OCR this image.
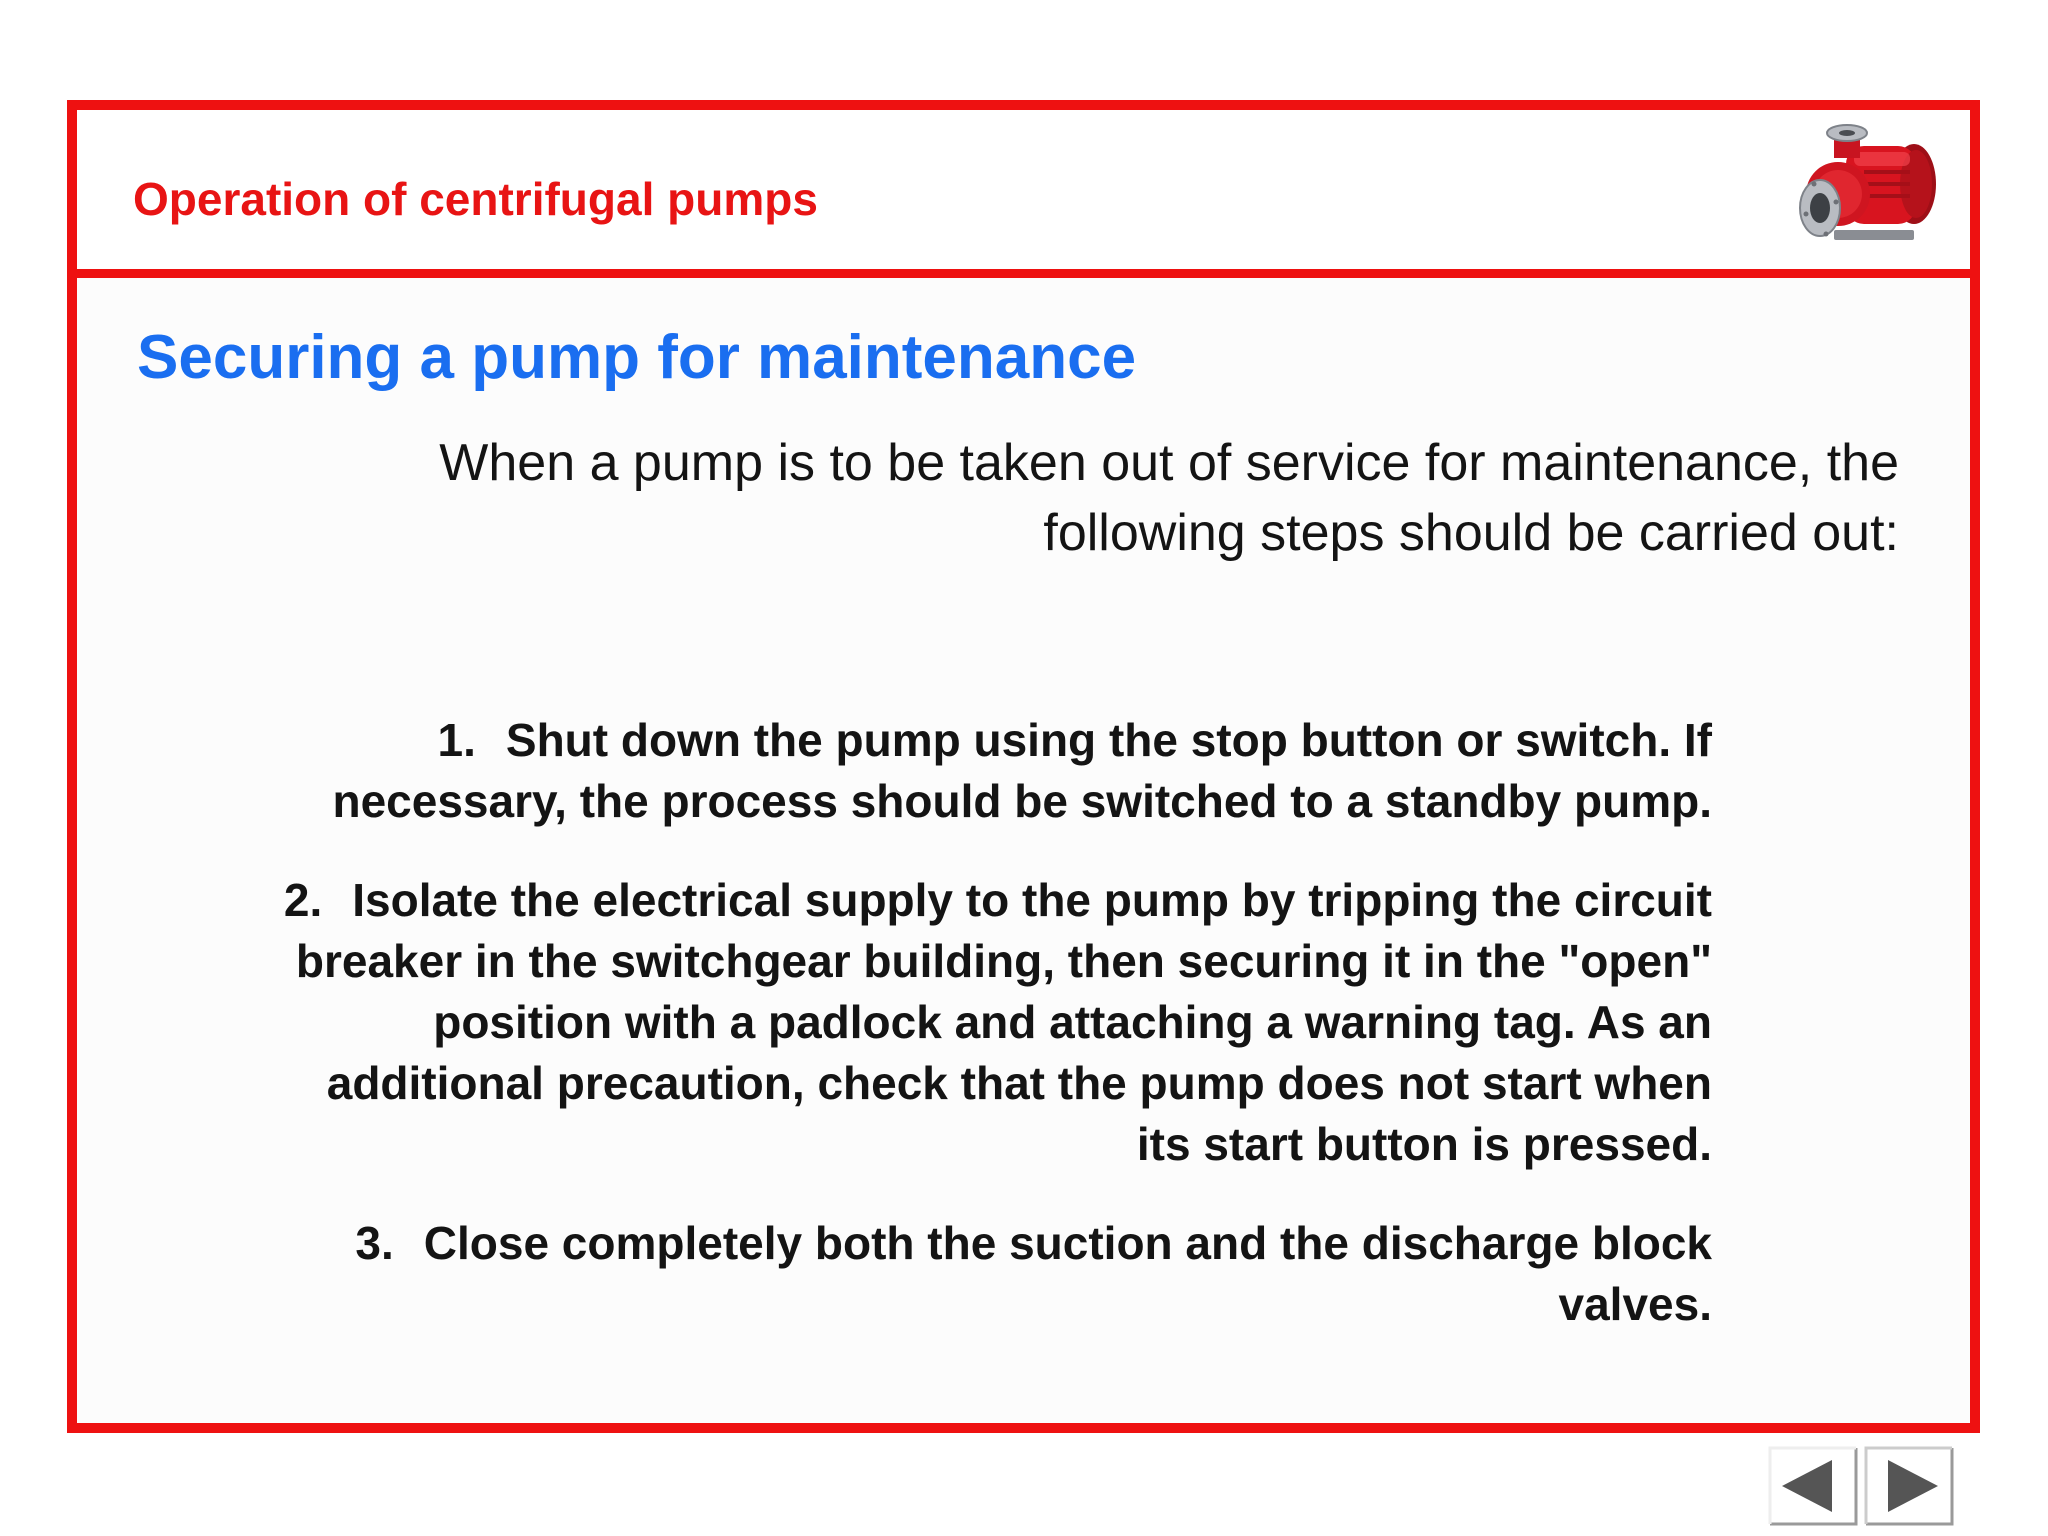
Operation of centrifugal pumps
Securing a pump for maintenance
When a pump is to be taken out of service for maintenance, the following steps should be carried out:
1. Shut down the pump using the stop button or switch. If necessary, the process should be switched to a standby pump.
2. Isolate the electrical supply to the pump by tripping the circuit breaker in the switchgear building, then securing it in the "open" position with a padlock and attaching a warning tag. As an additional precaution, check that the pump does not start when its start button is pressed.
3. Close completely both the suction and the discharge block valves.
